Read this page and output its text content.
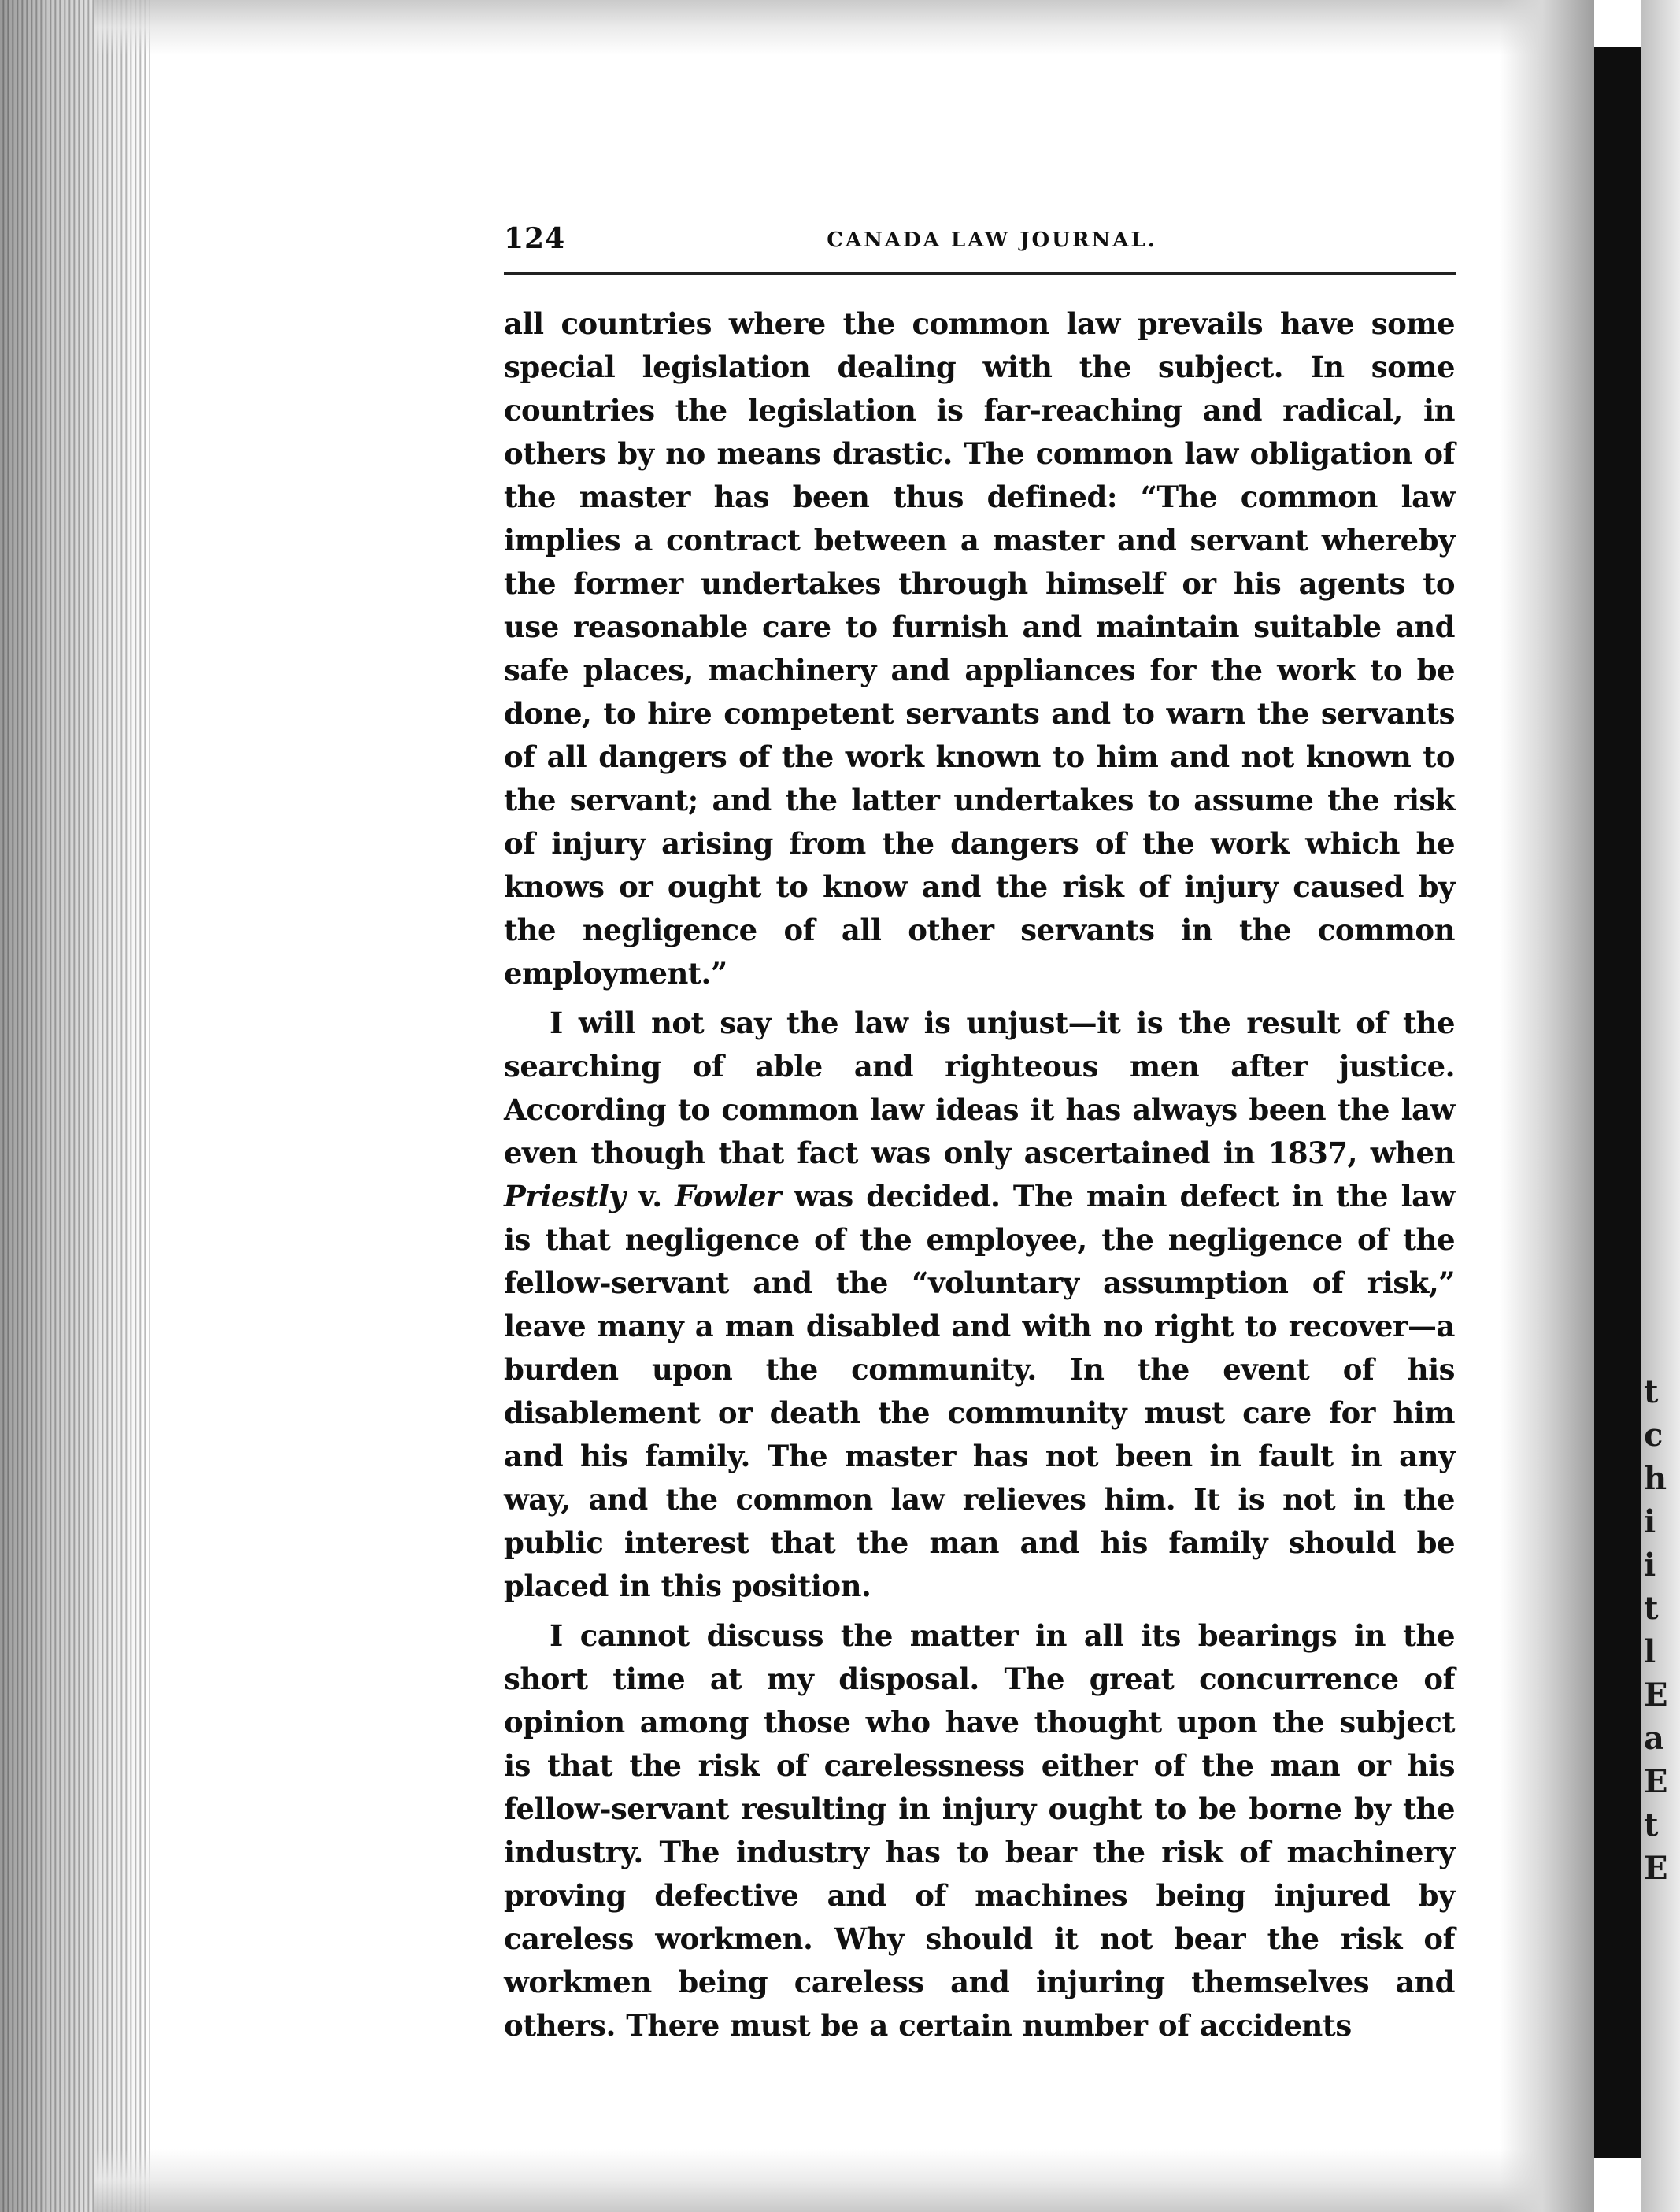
t
c
h
i
i
t
l
E
a
E
t
E
124	CANADA LAW JOURNAL.

all countries where the common law prevails have some special legislation dealing with the subject. In some countries the legislation is far-reaching and radical, in others by no means drastic. The common law obligation of the master has been thus defined: “The common law implies a contract between a master and servant whereby the former undertakes through himself or his agents to use reasonable care to furnish and maintain suitable and safe places, machinery and appliances for the work to be done, to hire competent servants and to warn the servants of all dangers of the work known to him and not known to the servant; and the latter undertakes to assume the risk of injury arising from the dangers of the work which he knows or ought to know and the risk of injury caused by the negligence of all other servants in the common employment.”

I will not say the law is unjust—it is the result of the searching of able and righteous men after justice. According to common law ideas it has always been the law even though that fact was only ascertained in 1837, when Priestly v. Fowler was decided. The main defect in the law is that negligence of the employee, the negligence of the fellow-servant and the “voluntary assumption of risk,” leave many a man disabled and with no right to recover—a burden upon the community. In the event of his disablement or death the community must care for him and his family. The master has not been in fault in any way, and the common law relieves him. It is not in the public interest that the man and his family should be placed in this position.

I cannot discuss the matter in all its bearings in the short time at my disposal. The great concurrence of opinion among those who have thought upon the subject is that the risk of carelessness either of the man or his fellow-servant resulting in injury ought to be borne by the industry. The industry has to bear the risk of machinery proving defective and of machines being injured by careless workmen. Why should it not bear the risk of workmen being careless and injuring themselves and others. There must be a certain number of accidents
